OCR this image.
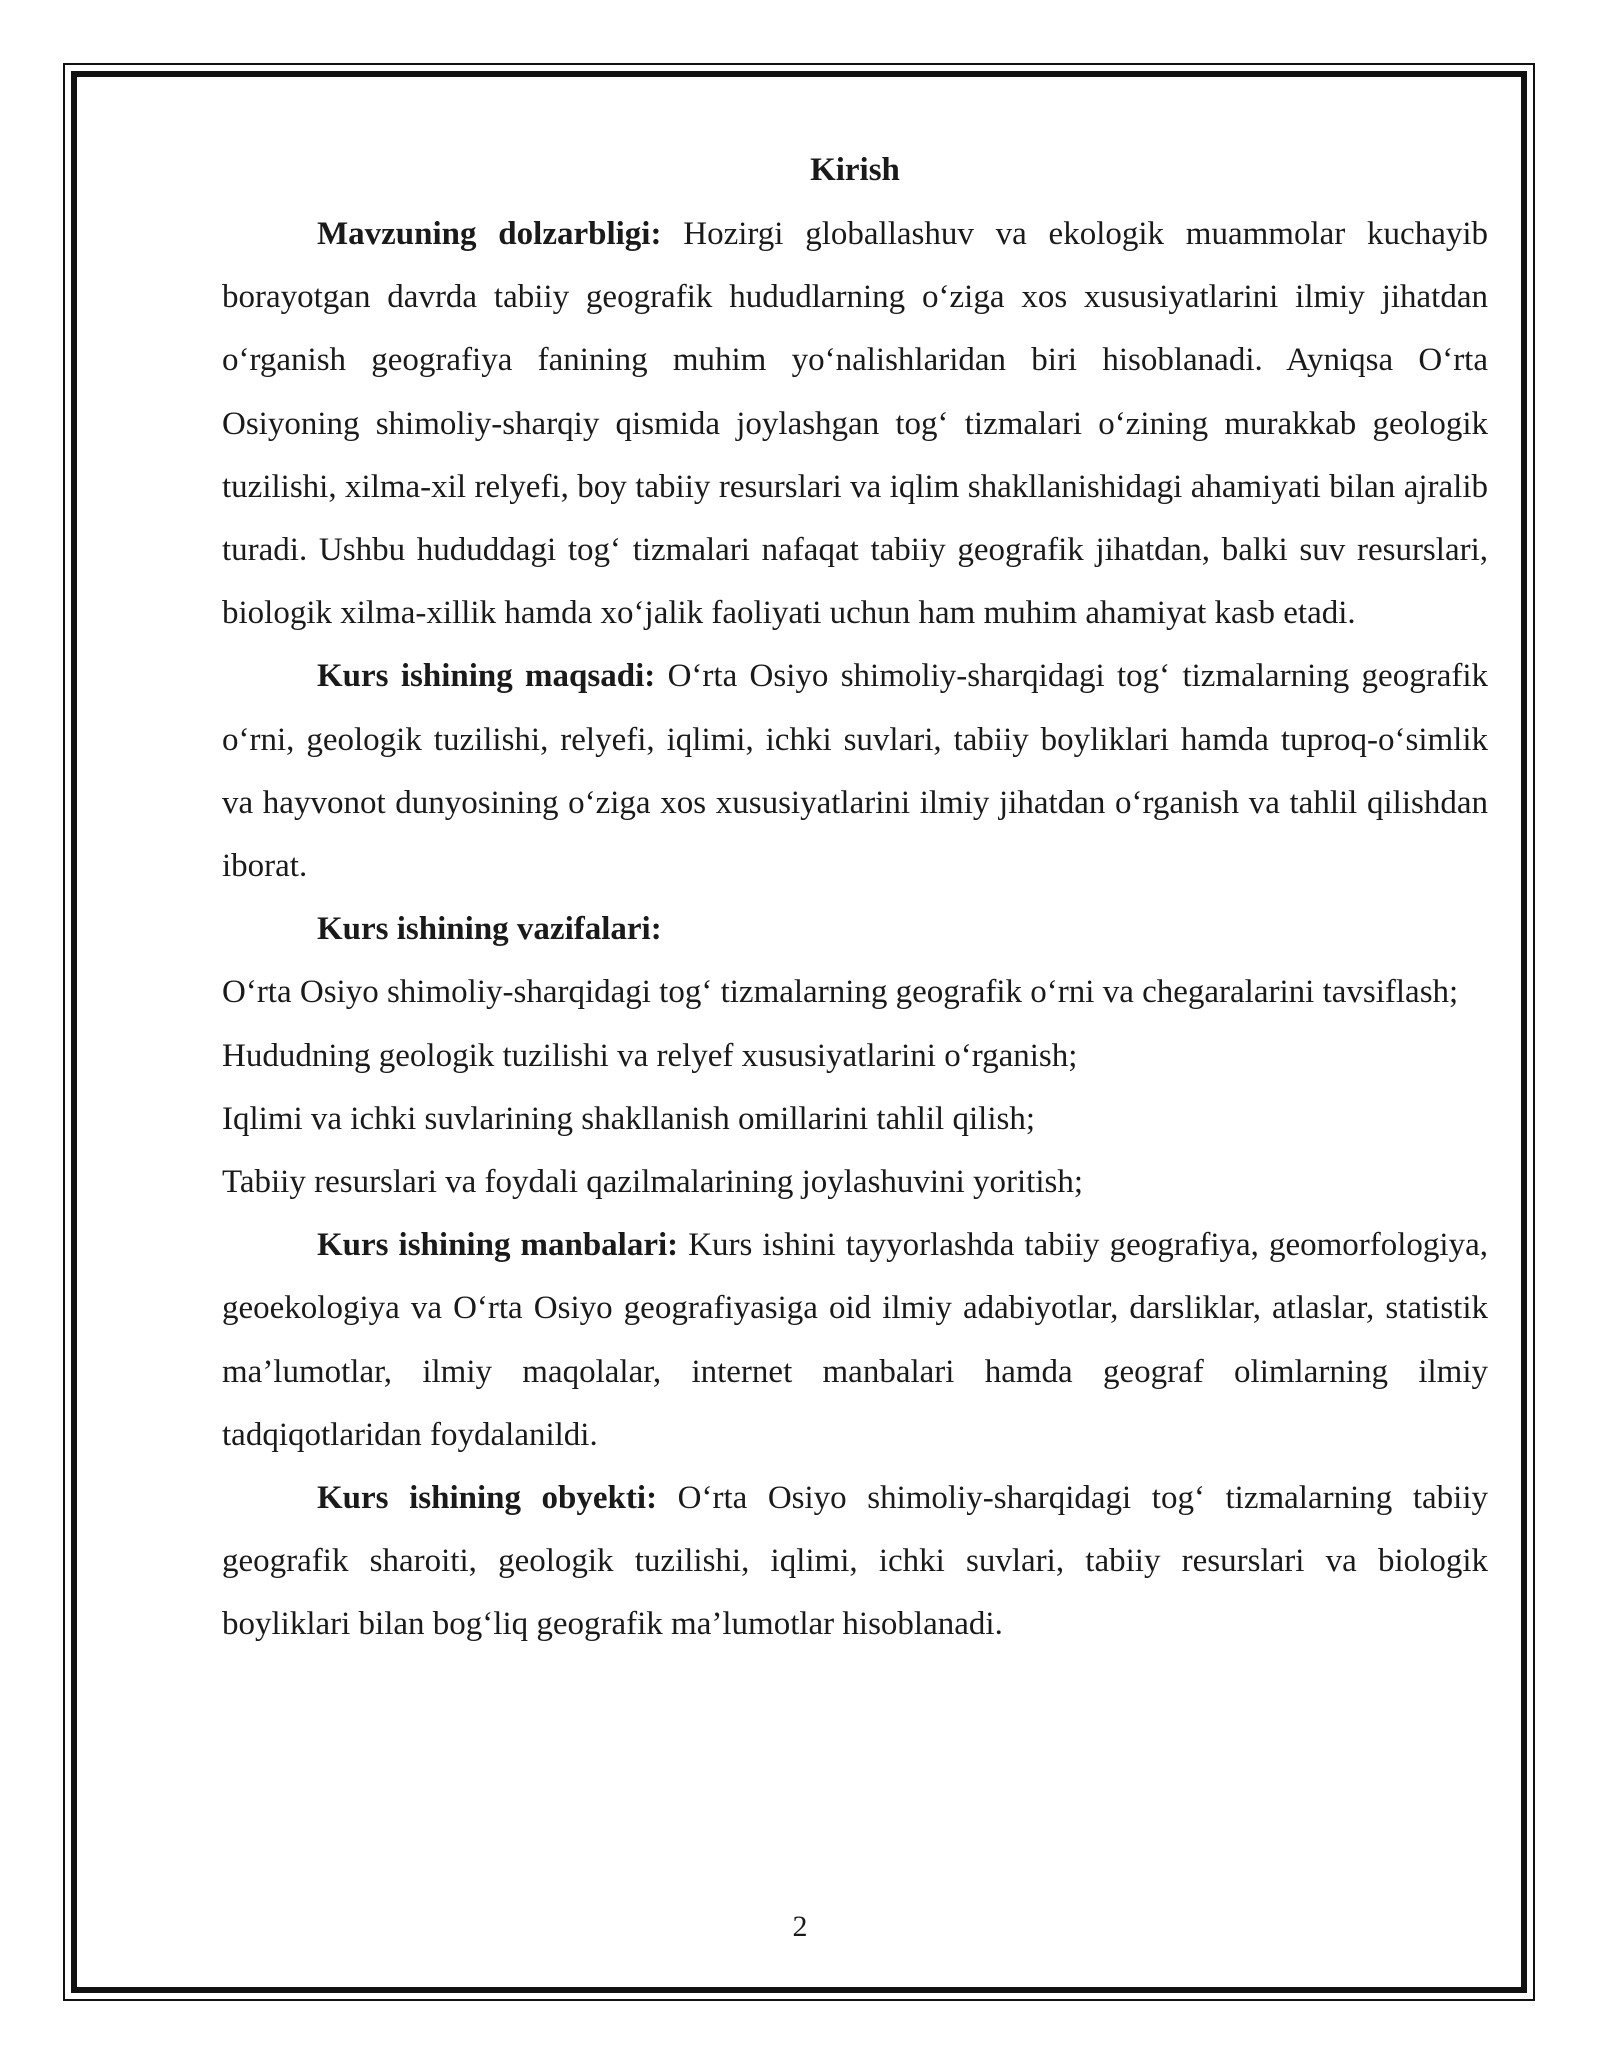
Kirish

Mavzuning dolzarbligi: Hozirgi globallashuv va ekologik muammolar kuchayib borayotgan davrda tabiiy geografik hududlarning o‘ziga xos xususiyatlarini ilmiy jihatdan o‘rganish geografiya fanining muhim yo‘nalishlaridan biri hisoblanadi. Ayniqsa O‘rta Osiyoning shimoliy-sharqiy qismida joylashgan tog‘ tizmalari o‘zining murakkab geologik tuzilishi, xilma-xil relyefi, boy tabiiy resurslari va iqlim shakllanishidagi ahamiyati bilan ajralib turadi. Ushbu hududdagi tog‘ tizmalari nafaqat tabiiy geografik jihatdan, balki suv resurslari, biologik xilma-xillik hamda xo‘jalik faoliyati uchun ham muhim ahamiyat kasb etadi.

Kurs ishining maqsadi: O‘rta Osiyo shimoliy-sharqidagi tog‘ tizmalarning geografik o‘rni, geologik tuzilishi, relyefi, iqlimi, ichki suvlari, tabiiy boyliklari hamda tuproq-o‘simlik va hayvonot dunyosining o‘ziga xos xususiyatlarini ilmiy jihatdan o‘rganish va tahlil qilishdan iborat.

Kurs ishining vazifalari:

O‘rta Osiyo shimoliy-sharqidagi tog‘ tizmalarning geografik o‘rni va chegaralarini tavsiflash;

Hududning geologik tuzilishi va relyef xususiyatlarini o‘rganish;

Iqlimi va ichki suvlarining shakllanish omillarini tahlil qilish;

Tabiiy resurslari va foydali qazilmalarining joylashuvini yoritish;

Kurs ishining manbalari: Kurs ishini tayyorlashda tabiiy geografiya, geomorfologiya, geoekologiya va O‘rta Osiyo geografiyasiga oid ilmiy adabiyotlar, darsliklar, atlaslar, statistik ma’lumotlar, ilmiy maqolalar, internet manbalari hamda geograf olimlarning ilmiy tadqiqotlaridan foydalanildi.

Kurs ishining obyekti: O‘rta Osiyo shimoliy-sharqidagi tog‘ tizmalarning tabiiy geografik sharoiti, geologik tuzilishi, iqlimi, ichki suvlari, tabiiy resurslari va biologik boyliklari bilan bog‘liq geografik ma’lumotlar hisoblanadi.

2
